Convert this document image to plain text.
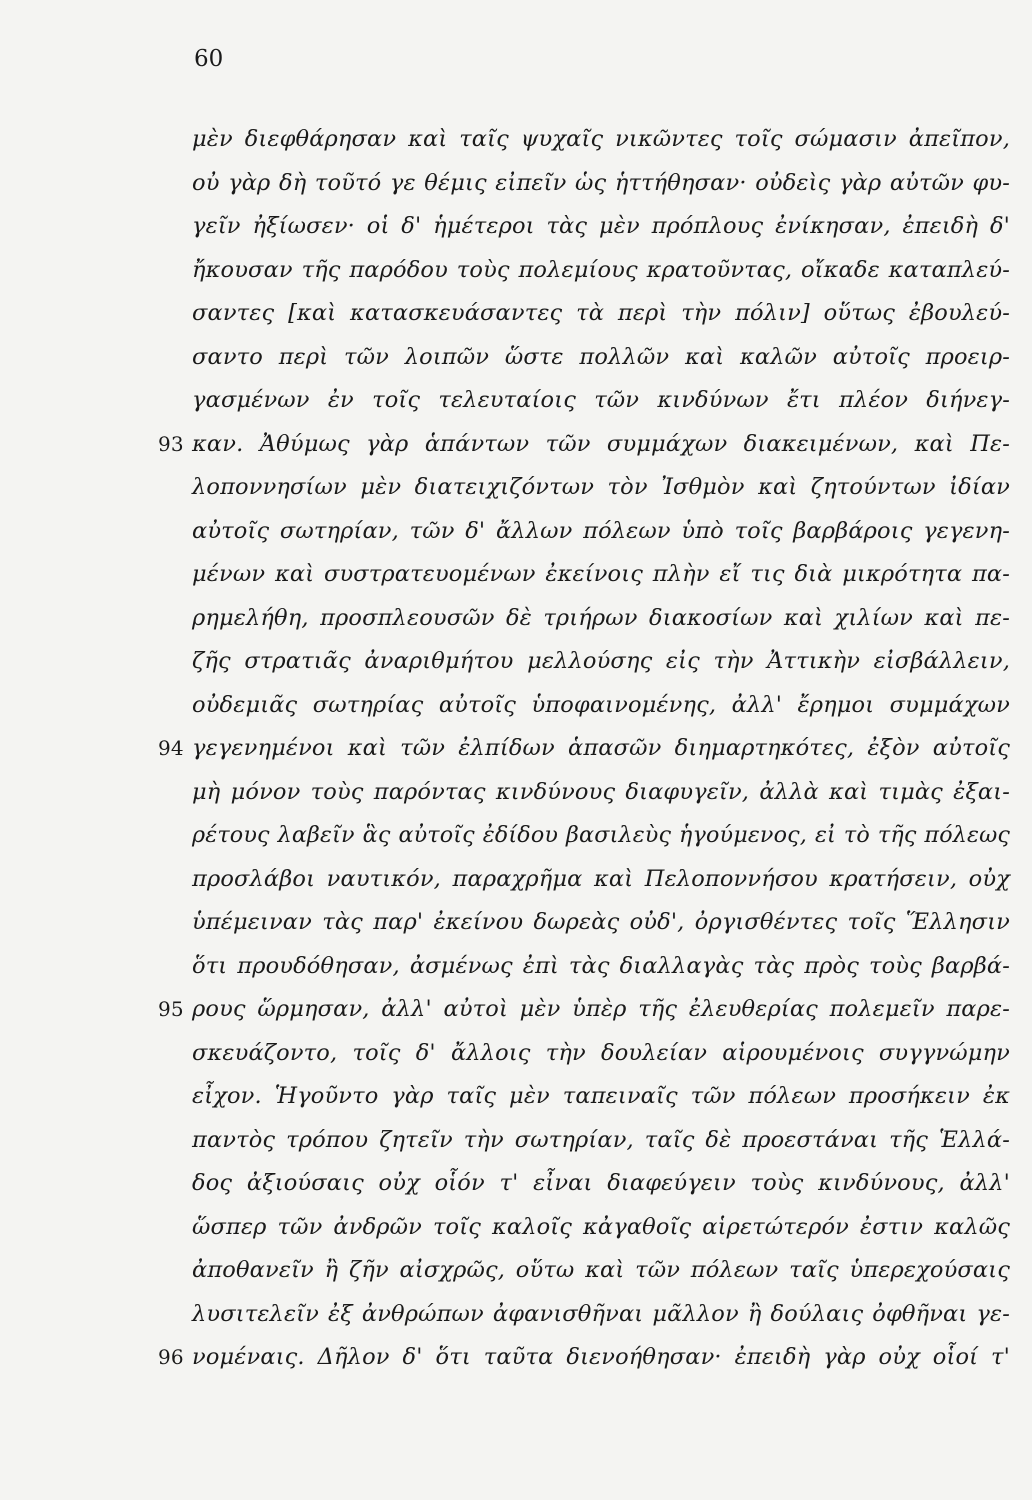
60
μὲν διεφθάρησαν καὶ ταῖς ψυχαῖς νικῶντες τοῖς σώμασιν ἀπεῖπον,
οὐ γὰρ δὴ τοῦτό γε θέμις εἰπεῖν ὡς ἡττήθησαν· οὐδεὶς γὰρ αὐτῶν φυ-
γεῖν ἠξίωσεν· οἱ δ' ἡμέτεροι τὰς μὲν πρόπλους ἐνίκησαν, ἐπειδὴ δ'
ἤκουσαν τῆς παρόδου τοὺς πολεμίους κρατοῦντας, οἴκαδε καταπλεύ-
σαντες [καὶ κατασκευάσαντες τὰ περὶ τὴν πόλιν] οὕτως ἐβουλεύ-
σαντο περὶ τῶν λοιπῶν ὥστε πολλῶν καὶ καλῶν αὐτοῖς προειρ-
γασμένων ἐν τοῖς τελευταίοις τῶν κινδύνων ἔτι πλέον διήνεγ-
93 καν. Ἀθύμως γὰρ ἁπάντων τῶν συμμάχων διακειμένων, καὶ Πε-
λοποννησίων μὲν διατειχιζόντων τὸν Ἰσθμὸν καὶ ζητούντων ἰδίαν
αὐτοῖς σωτηρίαν, τῶν δ' ἄλλων πόλεων ὑπὸ τοῖς βαρβάροις γεγενη-
μένων καὶ συστρατευομένων ἐκείνοις πλὴν εἴ τις διὰ μικρότητα πα-
ρημελήθη, προσπλεουσῶν δὲ τριήρων διακοσίων καὶ χιλίων καὶ πε-
ζῆς στρατιᾶς ἀναριθμήτου μελλούσης εἰς τὴν Ἀττικὴν εἰσβάλλειν,
οὐδεμιᾶς σωτηρίας αὐτοῖς ὑποφαινομένης, ἀλλ' ἔρημοι συμμάχων
94 γεγενημένοι καὶ τῶν ἐλπίδων ἁπασῶν διημαρτηκότες, ἐξὸν αὐτοῖς
μὴ μόνον τοὺς παρόντας κινδύνους διαφυγεῖν, ἀλλὰ καὶ τιμὰς ἐξαι-
ρέτους λαβεῖν ἃς αὐτοῖς ἐδίδου βασιλεὺς ἡγούμενος, εἰ τὸ τῆς πόλεως
προσλάβοι ναυτικόν, παραχρῆμα καὶ Πελοποννήσου κρατήσειν, οὐχ
ὑπέμειναν τὰς παρ' ἐκείνου δωρεὰς οὐδ', ὀργισθέντες τοῖς Ἕλλησιν
ὅτι προυδόθησαν, ἀσμένως ἐπὶ τὰς διαλλαγὰς τὰς πρὸς τοὺς βαρβά-
95 ρους ὥρμησαν, ἀλλ' αὐτοὶ μὲν ὑπὲρ τῆς ἐλευθερίας πολεμεῖν παρε-
σκευάζοντο, τοῖς δ' ἄλλοις τὴν δουλείαν αἱρουμένοις συγγνώμην
εἶχον. Ἡγοῦντο γὰρ ταῖς μὲν ταπειναῖς τῶν πόλεων προσήκειν ἐκ
παντὸς τρόπου ζητεῖν τὴν σωτηρίαν, ταῖς δὲ προεστάναι τῆς Ἑλλά-
δος ἀξιούσαις οὐχ οἷόν τ' εἶναι διαφεύγειν τοὺς κινδύνους, ἀλλ'
ὥσπερ τῶν ἀνδρῶν τοῖς καλοῖς κἀγαθοῖς αἱρετώτερόν ἐστιν καλῶς
ἀποθανεῖν ἢ ζῆν αἰσχρῶς, οὕτω καὶ τῶν πόλεων ταῖς ὑπερεχούσαις
λυσιτελεῖν ἐξ ἀνθρώπων ἀφανισθῆναι μᾶλλον ἢ δούλαις ὀφθῆναι γε-
96 νομέναις. Δῆλον δ' ὅτι ταῦτα διενοήθησαν· ἐπειδὴ γὰρ οὐχ οἷοί τ'
